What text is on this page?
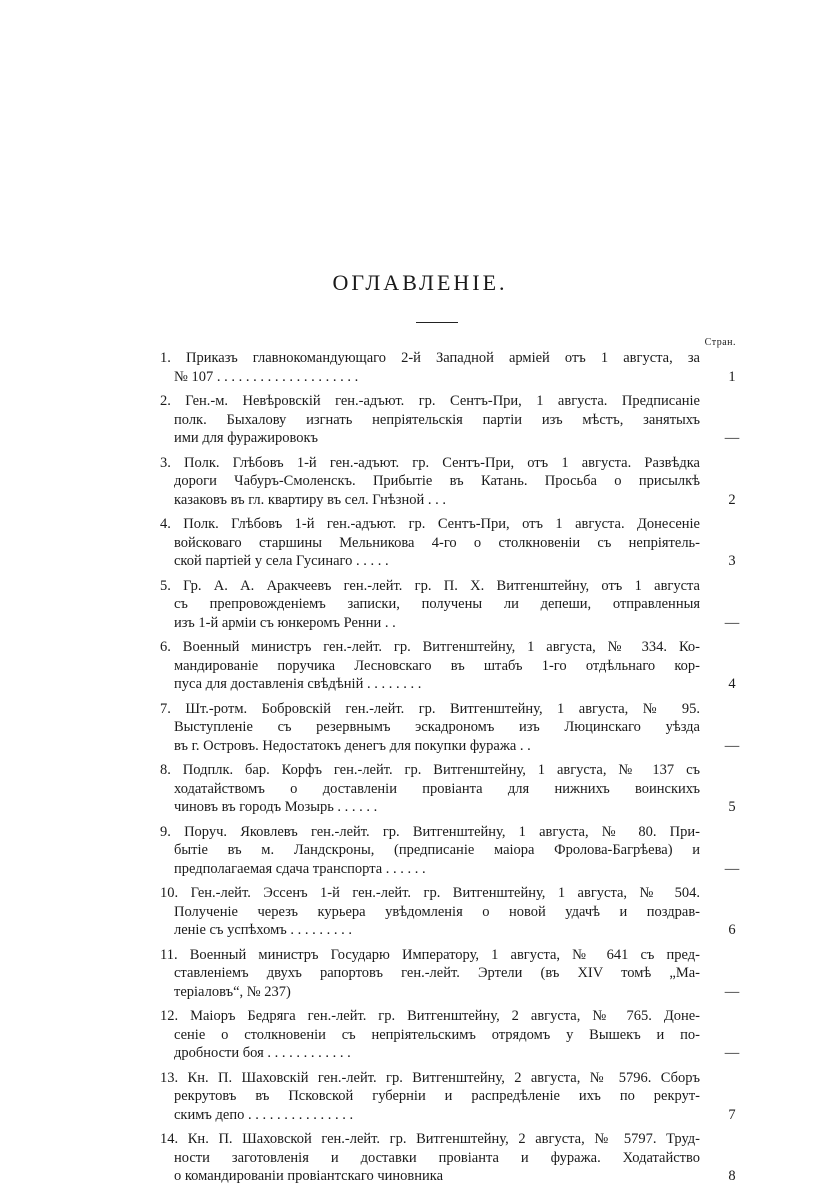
ОГЛАВЛЕНІЕ.
Стран.
1. Приказъ главнокомандующаго 2-й Западной арміей отъ 1 августа, за
№ 107 . . . . . . . . . . . . . . . . . . . .	1
2. Ген.-м. Невѣровскій ген.-адъют. гр. Сентъ-При, 1 августа. Предписаніе
полк. Быхалову изгнать непріятельскія партіи изъ мѣстъ, занятыхъ
ими для фуражировокъ	—
3. Полк. Глѣбовъ 1-й ген.-адъют. гр. Сентъ-При, отъ 1 августа. Развѣдка
дороги Чабуръ-Смоленскъ. Прибытіе въ Катань. Просьба о присылкѣ
казаковъ въ гл. квартиру въ сел. Гнѣзной . . .	2
4. Полк. Глѣбовъ 1-й ген.-адъют. гр. Сентъ-При, отъ 1 августа. Донесеніе
войсковаго старшины Мельникова 4-го о столкновеніи съ непріятель-
ской партіей у села Гусинаго . . . . .	3
5. Гр. А. А. Аракчеевъ ген.-лейт. гр. П. Х. Витгенштейну, отъ 1 августа
съ препровожденіемъ записки, получены ли депеши, отправленныя
изъ 1-й арміи съ юнкеромъ Ренни . .	—
6. Военный министръ ген.-лейт. гр. Витгенштейну, 1 августа, № 334. Ко-
мандированіе поручика Лесновскаго въ штабъ 1-го отдѣльнаго кор-
пуса для доставленія свѣдѣній . . . . . . . .	4
7. Шт.-ротм. Бобровскій ген.-лейт. гр. Витгенштейну, 1 августа, № 95.
Выступленіе съ резервнымъ эскадрономъ изъ Люцинскаго уѣзда
въ г. Островъ. Недостатокъ денегъ для покупки фуража . .	—
8. Подплк. бар. Корфъ ген.-лейт. гр. Витгенштейну, 1 августа, № 137 съ
ходатайствомъ о доставленіи провіанта для нижнихъ воинскихъ
чиновъ въ городъ Мозырь . . . . . .	5
9. Поруч. Яковлевъ ген.-лейт. гр. Витгенштейну, 1 августа, № 80. При-
бытіе въ м. Ландскроны, (предписаніе маіора Фролова-Багрѣева) и
предполагаемая сдача транспорта . . . . . .	—
10. Ген.-лейт. Эссенъ 1-й ген.-лейт. гр. Витгенштейну, 1 августа, № 504.
Полученіе черезъ курьера увѣдомленія о новой удачѣ и поздрав-
леніе съ успѣхомъ . . . . . . . . .	6
11. Военный министръ Государю Императору, 1 августа, № 641 съ пред-
ставленіемъ двухъ рапортовъ ген.-лейт. Эртели (въ XIV томѣ „Ма-
теріаловъ“, № 237)	—
12. Маіоръ Бедряга ген.-лейт. гр. Витгенштейну, 2 августа, № 765. Доне-
сеніе о столкновеніи съ непріятельскимъ отрядомъ у Вышекъ и по-
дробности боя . . . . . . . . . . . .	—
13. Кн. П. Шаховскій ген.-лейт. гр. Витгенштейну, 2 августа, № 5796. Сборъ
рекрутовъ въ Псковской губерніи и распредѣленіе ихъ по рекрут-
скимъ депо . . . . . . . . . . . . . . .	7
14. Кн. П. Шаховской ген.-лейт. гр. Витгенштейну, 2 августа, № 5797. Труд-
ности заготовленія и доставки провіанта и фуража. Ходатайство
о командированіи провіантскаго чиновника	8
